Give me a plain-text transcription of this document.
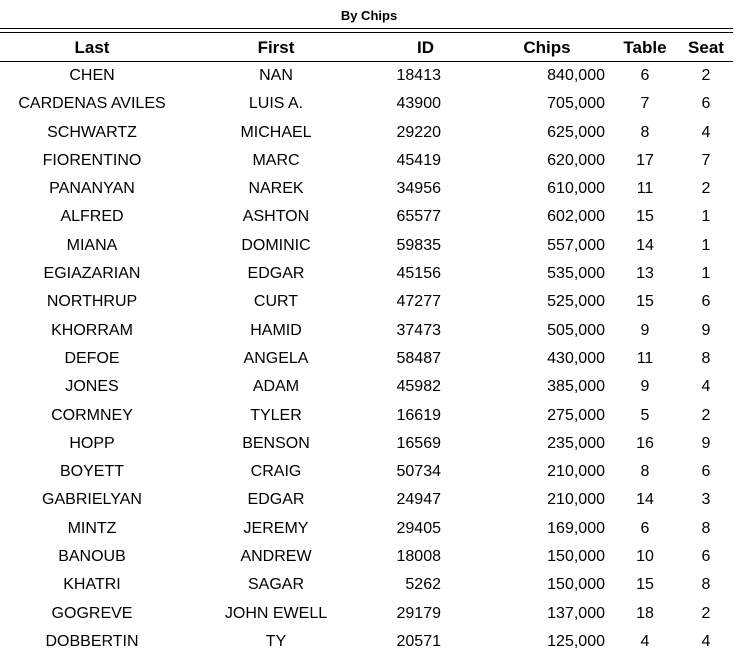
By Chips
Last	First	ID	Chips	Table	Seat
CHEN	NAN	18413	840,000	6	2
CARDENAS AVILES	LUIS A.	43900	705,000	7	6
SCHWARTZ	MICHAEL	29220	625,000	8	4
FIORENTINO	MARC	45419	620,000	17	7
PANANYAN	NAREK	34956	610,000	11	2
ALFRED	ASHTON	65577	602,000	15	1
MIANA	DOMINIC	59835	557,000	14	1
EGIAZARIAN	EDGAR	45156	535,000	13	1
NORTHRUP	CURT	47277	525,000	15	6
KHORRAM	HAMID	37473	505,000	9	9
DEFOE	ANGELA	58487	430,000	11	8
JONES	ADAM	45982	385,000	9	4
CORMNEY	TYLER	16619	275,000	5	2
HOPP	BENSON	16569	235,000	16	9
BOYETT	CRAIG	50734	210,000	8	6
GABRIELYAN	EDGAR	24947	210,000	14	3
MINTZ	JEREMY	29405	169,000	6	8
BANOUB	ANDREW	18008	150,000	10	6
KHATRI	SAGAR	5262	150,000	15	8
GOGREVE	JOHN EWELL	29179	137,000	18	2
DOBBERTIN	TY	20571	125,000	4	4
